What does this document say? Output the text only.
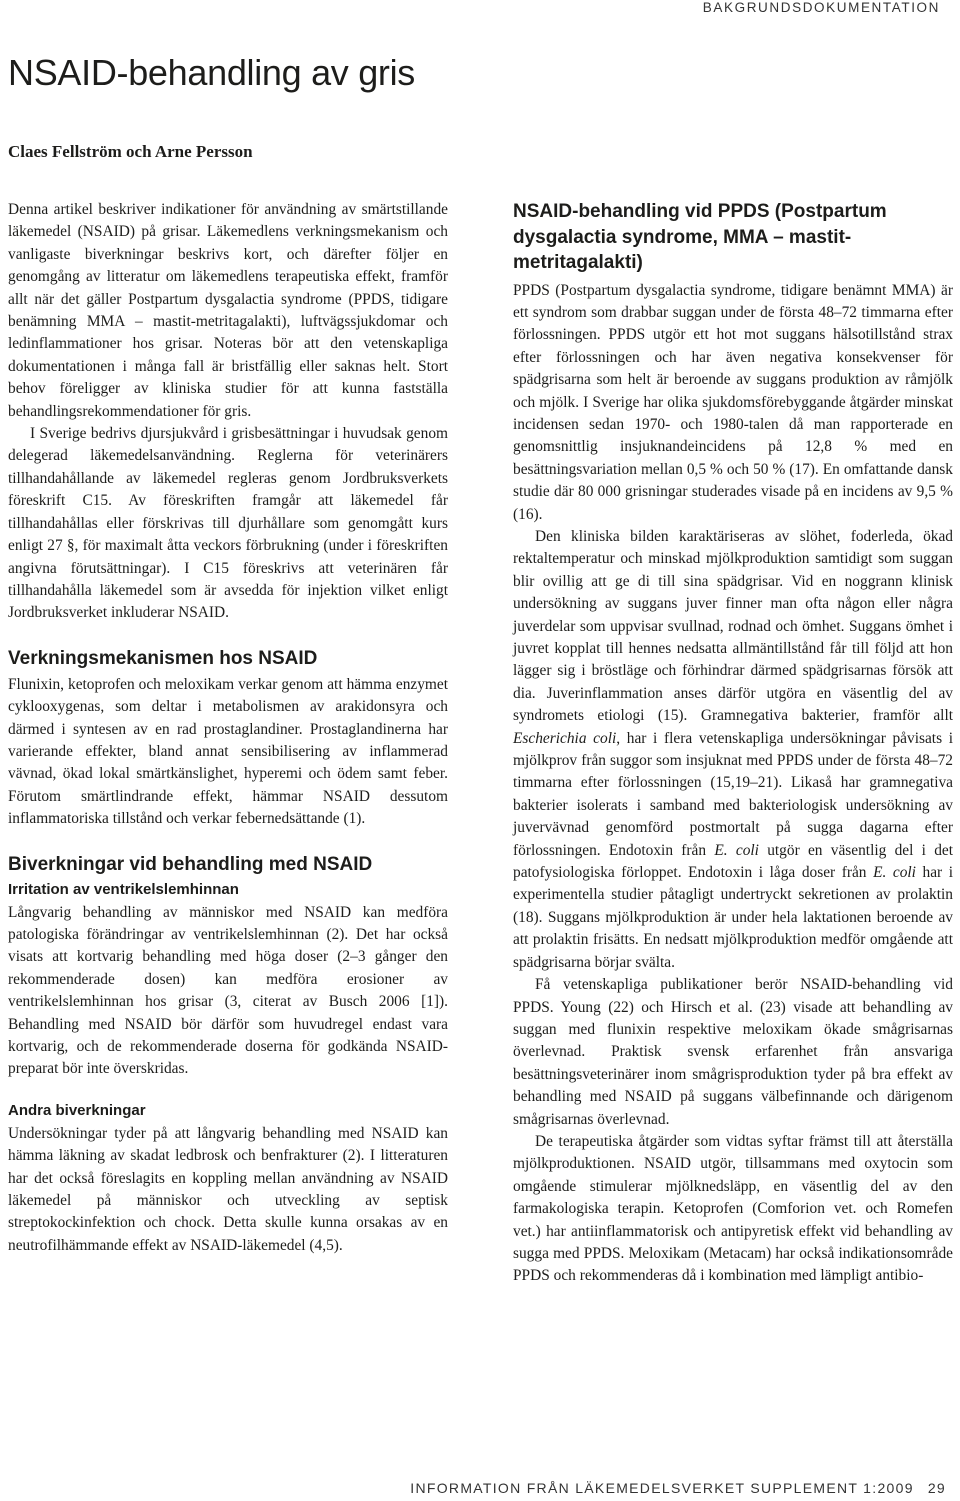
BAKGRUNDSDOKUMENTATION
NSAID-behandling av gris

Claes Fellström och Arne Persson

Denna artikel beskriver indikationer för användning av smärtstillande läkemedel (NSAID) på grisar. Läkemedlens verkningsmekanism och vanligaste biverkningar beskrivs kort, och därefter följer en genomgång av litteratur om läkemedlens terapeutiska effekt, framför allt när det gäller Postpartum dysgalactia syndrome (PPDS, tidigare benämning MMA – mastit-metritagalakti), luftvägssjukdomar och ledinflammationer hos grisar. Noteras bör att den vetenskapliga dokumentationen i många fall är bristfällig eller saknas helt. Stort behov föreligger av kliniska studier för att kunna fastställa behandlingsrekommendationer för gris.

I Sverige bedrivs djursjukvård i grisbesättningar i huvudsak genom delegerad läkemedelsanvändning. Reglerna för veterinärers tillhandahållande av läkemedel regleras genom Jordbruksverkets föreskrift C15. Av föreskriften framgår att läkemedel får tillhandahållas eller förskrivas till djurhållare som genomgått kurs enligt 27 §, för maximalt åtta veckors förbrukning (under i föreskriften angivna förutsättningar). I C15 föreskrivs att veterinären får tillhandahålla läkemedel som är avsedda för injektion vilket enligt Jordbruksverket inkluderar NSAID.

Verkningsmekanismen hos NSAID

Flunixin, ketoprofen och meloxikam verkar genom att hämma enzymet cyklooxygenas, som deltar i metabolismen av arakidonsyra och därmed i syntesen av en rad prostaglandiner. Prostaglandinerna har varierande effekter, bland annat sensibilisering av inflammerad vävnad, ökad lokal smärtkänslighet, hyperemi och ödem samt feber. Förutom smärtlindrande effekt, hämmar NSAID dessutom inflammatoriska tillstånd och verkar febernedsättande (1).

Biverkningar vid behandling med NSAID
Irritation av ventrikelslemhinnan

Långvarig behandling av människor med NSAID kan medföra patologiska förändringar av ventrikelslemhinnan (2). Det har också visats att kortvarig behandling med höga doser (2–3 gånger den rekommenderade dosen) kan medföra erosioner av ventrikelslemhinnan hos grisar (3, citerat av Busch 2006 [1]). Behandling med NSAID bör därför som huvudregel endast vara kortvarig, och de rekommenderade doserna för godkända NSAID-preparat bör inte överskridas.

Andra biverkningar

Undersökningar tyder på att långvarig behandling med NSAID kan hämma läkning av skadat ledbrosk och benfrakturer (2). I litteraturen har det också föreslagits en koppling mellan användning av NSAID läkemedel på människor och utveckling av septisk streptokockinfektion och chock. Detta skulle kunna orsakas av en neutrofilhämmande effekt av NSAID-läkemedel (4,5).

NSAID-behandling vid PPDS (Postpartum dysgalactia syndrome, MMA – mastit-metritagalakti)

PPDS (Postpartum dysgalactia syndrome, tidigare benämnt MMA) är ett syndrom som drabbar suggan under de första 48–72 timmarna efter förlossningen. PPDS utgör ett hot mot suggans hälsotillstånd strax efter förlossningen och har även negativa konsekvenser för spädgrisarna som helt är beroende av suggans produktion av råmjölk och mjölk. I Sverige har olika sjukdomsförebyggande åtgärder minskat incidensen sedan 1970- och 1980-talen då man rapporterade en genomsnittlig insjuknandeincidens på 12,8 % med en besättningsvariation mellan 0,5 % och 50 % (17). En omfattande dansk studie där 80 000 grisningar studerades visade på en incidens av 9,5 % (16).

Den kliniska bilden karaktäriseras av slöhet, foderleda, ökad rektaltemperatur och minskad mjölkproduktion samtidigt som suggan blir ovillig att ge di till sina spädgrisar. Vid en noggrann klinisk undersökning av suggans juver finner man ofta någon eller några juverdelar som uppvisar svullnad, rodnad och ömhet. Suggans ömhet i juvret kopplat till hennes nedsatta allmäntillstånd får till följd att hon lägger sig i bröstläge och förhindrar därmed spädgrisarnas försök att dia. Juverinflammation anses därför utgöra en väsentlig del av syndromets etiologi (15). Gramnegativa bakterier, framför allt Escherichia coli, har i flera vetenskapliga undersökningar påvisats i mjölkprov från suggor som insjuknat med PPDS under de första 48–72 timmarna efter förlossningen (15,19–21). Likaså har gramnegativa bakterier isolerats i samband med bakteriologisk undersökning av juvervävnad genomförd postmortalt på sugga dagarna efter förlossningen. Endotoxin från E. coli utgör en väsentlig del i det patofysiologiska förloppet. Endotoxin i låga doser från E. coli har i experimentella studier påtagligt undertryckt sekretionen av prolaktin (18). Suggans mjölkproduktion är under hela laktationen beroende av att prolaktin frisätts. En nedsatt mjölkproduktion medför omgående att spädgrisarna börjar svälta.

Få vetenskapliga publikationer berör NSAID-behandling vid PPDS. Young (22) och Hirsch et al. (23) visade att behandling av suggan med flunixin respektive meloxikam ökade smågrisarnas överlevnad. Praktisk svensk erfarenhet från ansvariga besättningsveterinärer inom smågrisproduktion tyder på bra effekt av behandling med NSAID på suggans välbefinnande och därigenom smågrisarnas överlevnad.

De terapeutiska åtgärder som vidtas syftar främst till att återställa mjölkproduktionen. NSAID utgör, tillsammans med oxytocin som omgående stimulerar mjölknedsläpp, en väsentlig del av den farmakologiska terapin. Ketoprofen (Comforion vet. och Romefen vet.) har antiinflammatorisk och antipyretisk effekt vid behandling av sugga med PPDS. Meloxikam (Metacam) har också indikationsområde PPDS och rekommenderas då i kombination med lämpligt antibio-

INFORMATION FRÅN LÄKEMEDELSVERKET SUPPLEMENT 1:2009 29
